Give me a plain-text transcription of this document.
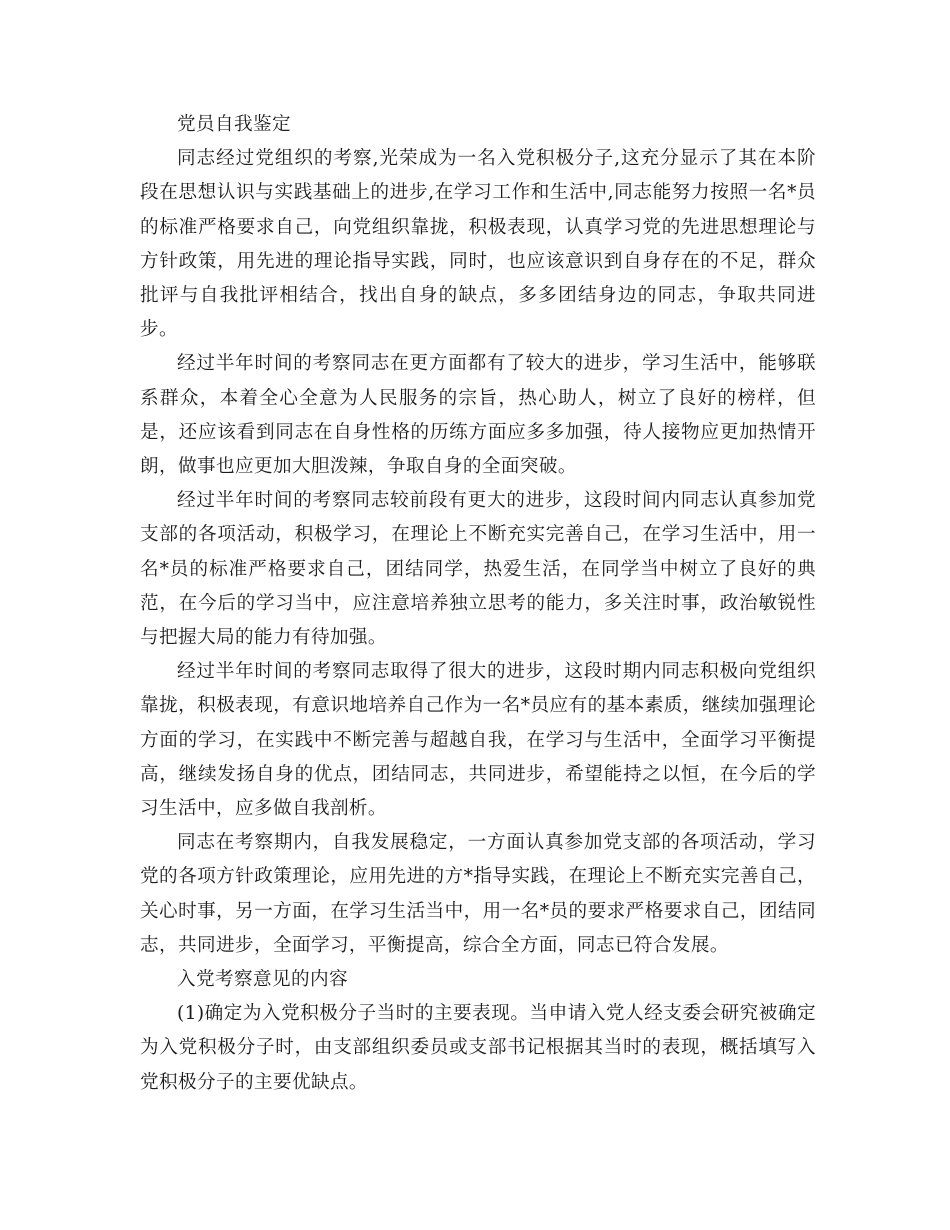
党员自我鉴定

同志经过党组织的考察,光荣成为一名入党积极分子,这充分显示了其在本阶段在思想认识与实践基础上的进步,在学习工作和生活中,同志能努力按照一名*员的标准严格要求自己，向党组织靠拢，积极表现，认真学习党的先进思想理论与方针政策，用先进的理论指导实践，同时，也应该意识到自身存在的不足，群众批评与自我批评相结合，找出自身的缺点，多多团结身边的同志，争取共同进步。

经过半年时间的考察同志在更方面都有了较大的进步，学习生活中，能够联系群众，本着全心全意为人民服务的宗旨，热心助人，树立了良好的榜样，但是，还应该看到同志在自身性格的历练方面应多多加强，待人接物应更加热情开朗，做事也应更加大胆泼辣，争取自身的全面突破。

经过半年时间的考察同志较前段有更大的进步，这段时间内同志认真参加党支部的各项活动，积极学习，在理论上不断充实完善自己，在学习生活中，用一名*员的标准严格要求自己，团结同学，热爱生活，在同学当中树立了良好的典范，在今后的学习当中，应注意培养独立思考的能力，多关注时事，政治敏锐性与把握大局的能力有待加强。

经过半年时间的考察同志取得了很大的进步，这段时期内同志积极向党组织靠拢，积极表现，有意识地培养自己作为一名*员应有的基本素质，继续加强理论方面的学习，在实践中不断完善与超越自我，在学习与生活中，全面学习平衡提高，继续发扬自身的优点，团结同志，共同进步，希望能持之以恒，在今后的学习生活中，应多做自我剖析。

同志在考察期内，自我发展稳定，一方面认真参加党支部的各项活动，学习党的各项方针政策理论，应用先进的方*指导实践，在理论上不断充实完善自己，关心时事，另一方面，在学习生活当中，用一名*员的要求严格要求自己，团结同志，共同进步，全面学习，平衡提高，综合全方面，同志已符合发展。

入党考察意见的内容

(1)确定为入党积极分子当时的主要表现。当申请入党人经支委会研究被确定为入党积极分子时，由支部组织委员或支部书记根据其当时的表现，概括填写入党积极分子的主要优缺点。
